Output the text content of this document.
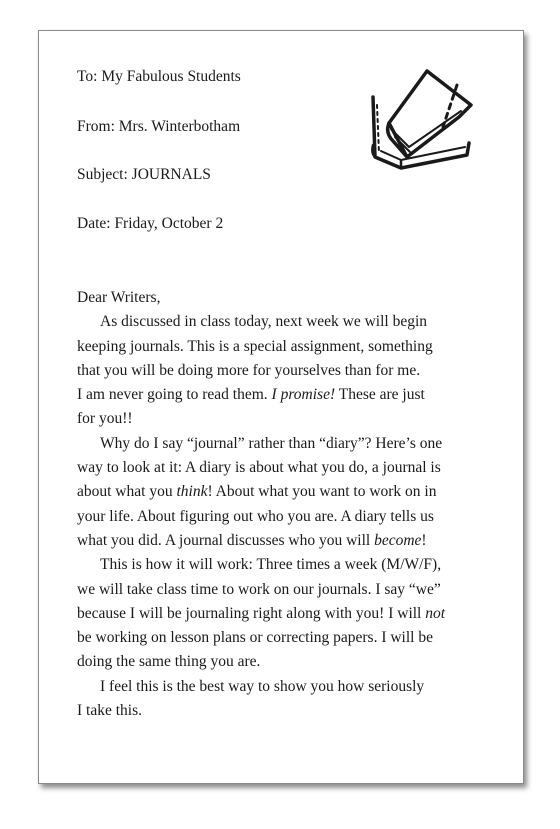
To: My Fabulous Students
From: Mrs. Winterbotham
Subject: JOURNALS
Date: Friday, October 2
Dear Writers,
As discussed in class today, next week we will begin
keeping journals. This is a special assignment, something
that you will be doing more for yourselves than for me.
I am never going to read them. I promise! These are just
for you!!
Why do I say “journal” rather than “diary”? Here’s one
way to look at it: A diary is about what you do, a journal is
about what you think! About what you want to work on in
your life. About figuring out who you are. A diary tells us
what you did. A journal discusses who you will become!
This is how it will work: Three times a week (M/W/F),
we will take class time to work on our journals. I say “we”
because I will be journaling right along with you! I will not
be working on lesson plans or correcting papers. I will be
doing the same thing you are.
I feel this is the best way to show you how seriously
I take this.
